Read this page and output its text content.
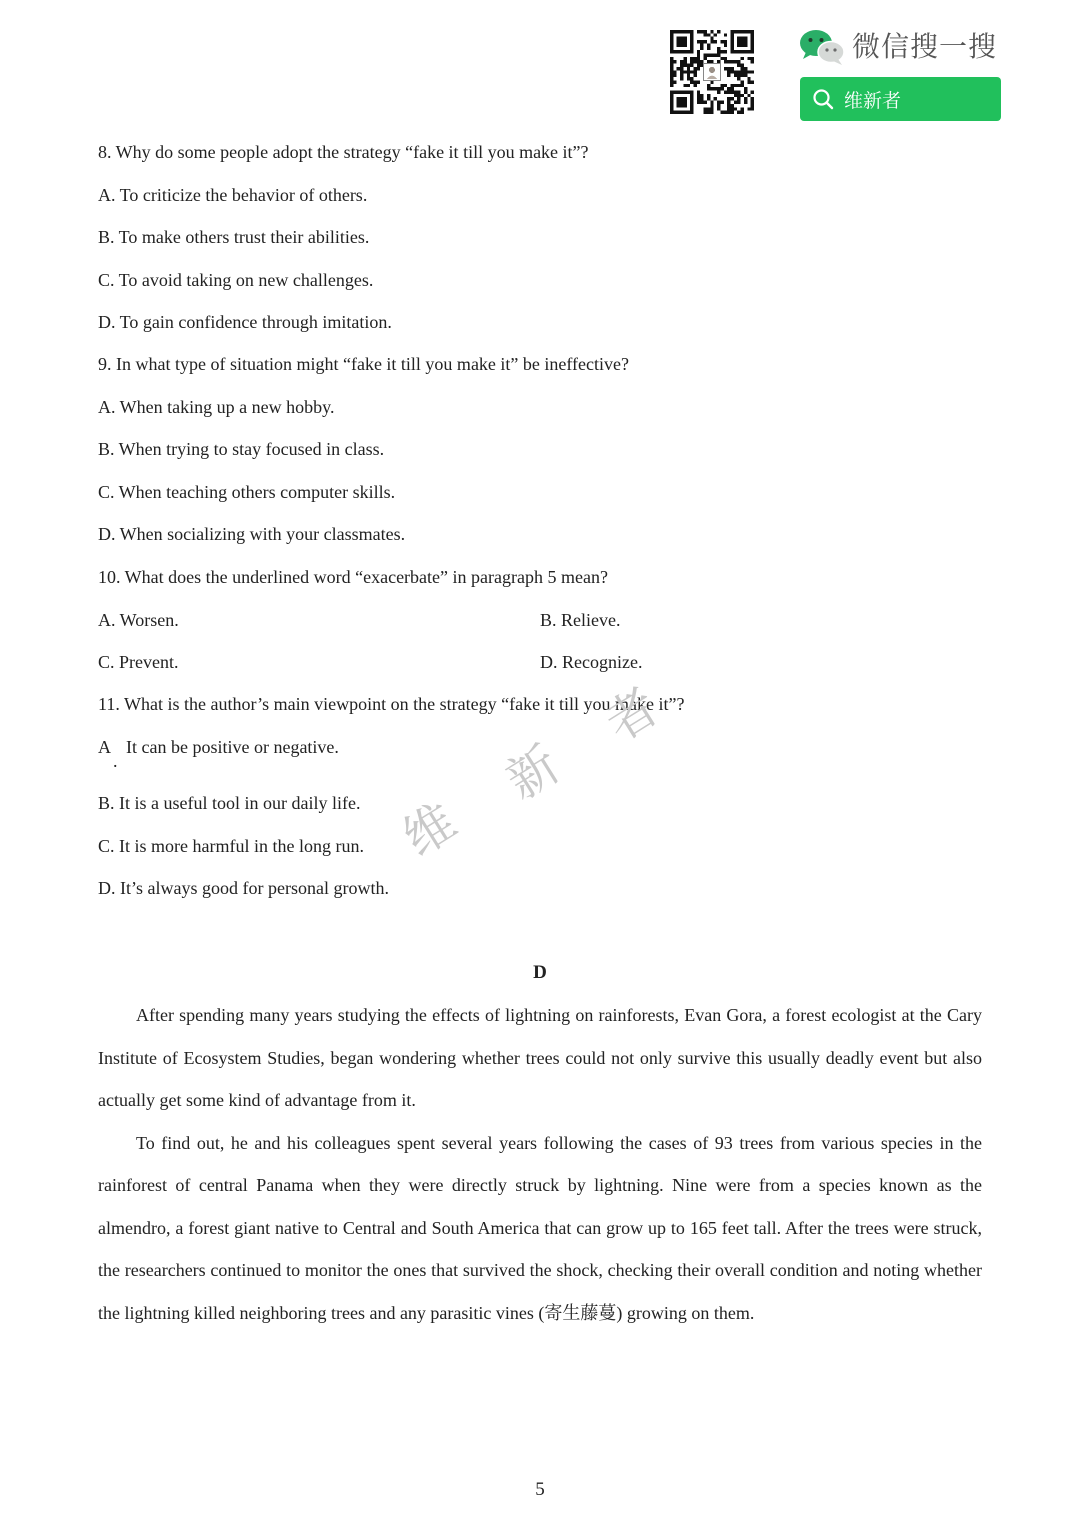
微信搜一搜
维新者
8. Why do some people adopt the strategy “fake it till you make it”?
A. To criticize the behavior of others.
B. To make others trust their abilities.
C. To avoid taking on new challenges.
D. To gain confidence through imitation.
9. In what type of situation might “fake it till you make it” be ineffective?
A. When taking up a new hobby.
B. When trying to stay focused in class.
C. When teaching others computer skills.
D. When socializing with your classmates.
10. What does the underlined word “exacerbate” in paragraph 5 mean?
A. Worsen.	B. Relieve.
C. Prevent.	D. Recognize.
11. What is the author’s main viewpoint on the strategy “fake it till you make it”?
A
.
It can be positive or negative.
B. It is a useful tool in our daily life.
C. It is more harmful in the long run.
D. It’s always good for personal growth.
维
新
者
D

After spending many years studying the effects of lightning on rainforests, Evan Gora, a forest ecologist at the Cary Institute of Ecosystem Studies, began wondering whether trees could not only survive this usually deadly event but also actually get some kind of advantage from it.

To find out, he and his colleagues spent several years following the cases of 93 trees from various species in the rainforest of central Panama when they were directly struck by lightning. Nine were from a species known as the almendro, a forest giant native to Central and South America that can grow up to 165 feet tall. After the trees were struck, the researchers continued to monitor the ones that survived the shock, checking their overall condition and noting whether the lightning killed neighboring trees and any parasitic vines (寄生藤蔓) growing on them.

5
